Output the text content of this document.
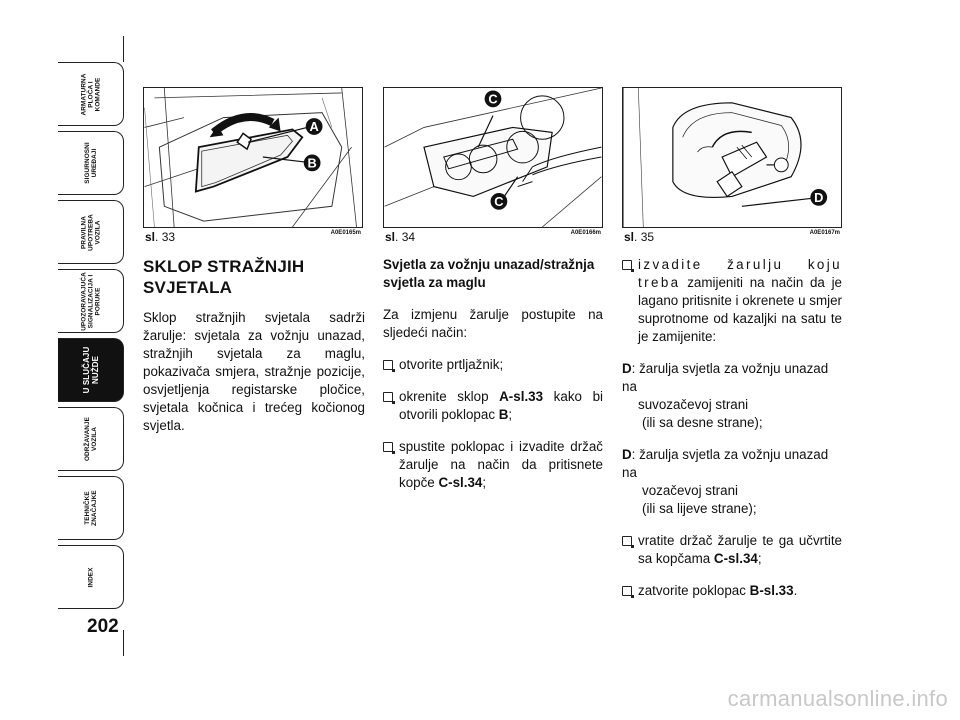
ARMATURNA
PLOČA I
KOMANDE
SIGURNOSNI
UREĐAJI
PRAVILNA
UPOTREBA
VOZILA
UPOZORAVAJUĆA
SIGNALIZACIJA I
PORUKE
U SLUČAJU
NUŽDE
ODRŽAVANJE
VOZILA
TEHNIČKE
ZNAČAJKE
INDEX
202
A
B
sl. 33	A0E0165m
C
C
sl. 34	A0E0166m
D
sl. 35	A0E0167m
SKLOP STRAŽNJIH
SVJETALA

Sklop stražnjih svjetala sadrži žarulje: svjetala za vožnju unazad, stražnjih svjetala za maglu, pokazivača smjera, stražnje pozicije, osvjetljenja registarske pločice, svjetala kočnica i trećeg kočionog svjetla.

Svjetla za vožnju unazad/stražnja svjetla za maglu

Za izmjenu žarulje postupite na sljedeći način:

otvorite prtljažnik;
okrenite sklop A-sl.33 kako bi otvorili poklopac B;
spustite poklopac i izvadite držač žarulje na način da pritisnete kopče C-sl.34;
izvadite žarulju koju treba zamijeniti na način da je lagano pritisnite i okrenete u smjer suprotnome od kazaljki na satu te je zamijenite:
D: žarulja svjetla za vožnju unazad na
suvozačevoj strani
(ili sa desne strane);
D: žarulja svjetla za vožnju unazad na
vozačevoj strani
(ili sa lijeve strane);
vratite držač žarulje te ga učvrtite sa kopčama C-sl.34;
zatvorite poklopac B-sl.33.
carmanualsonline.info
